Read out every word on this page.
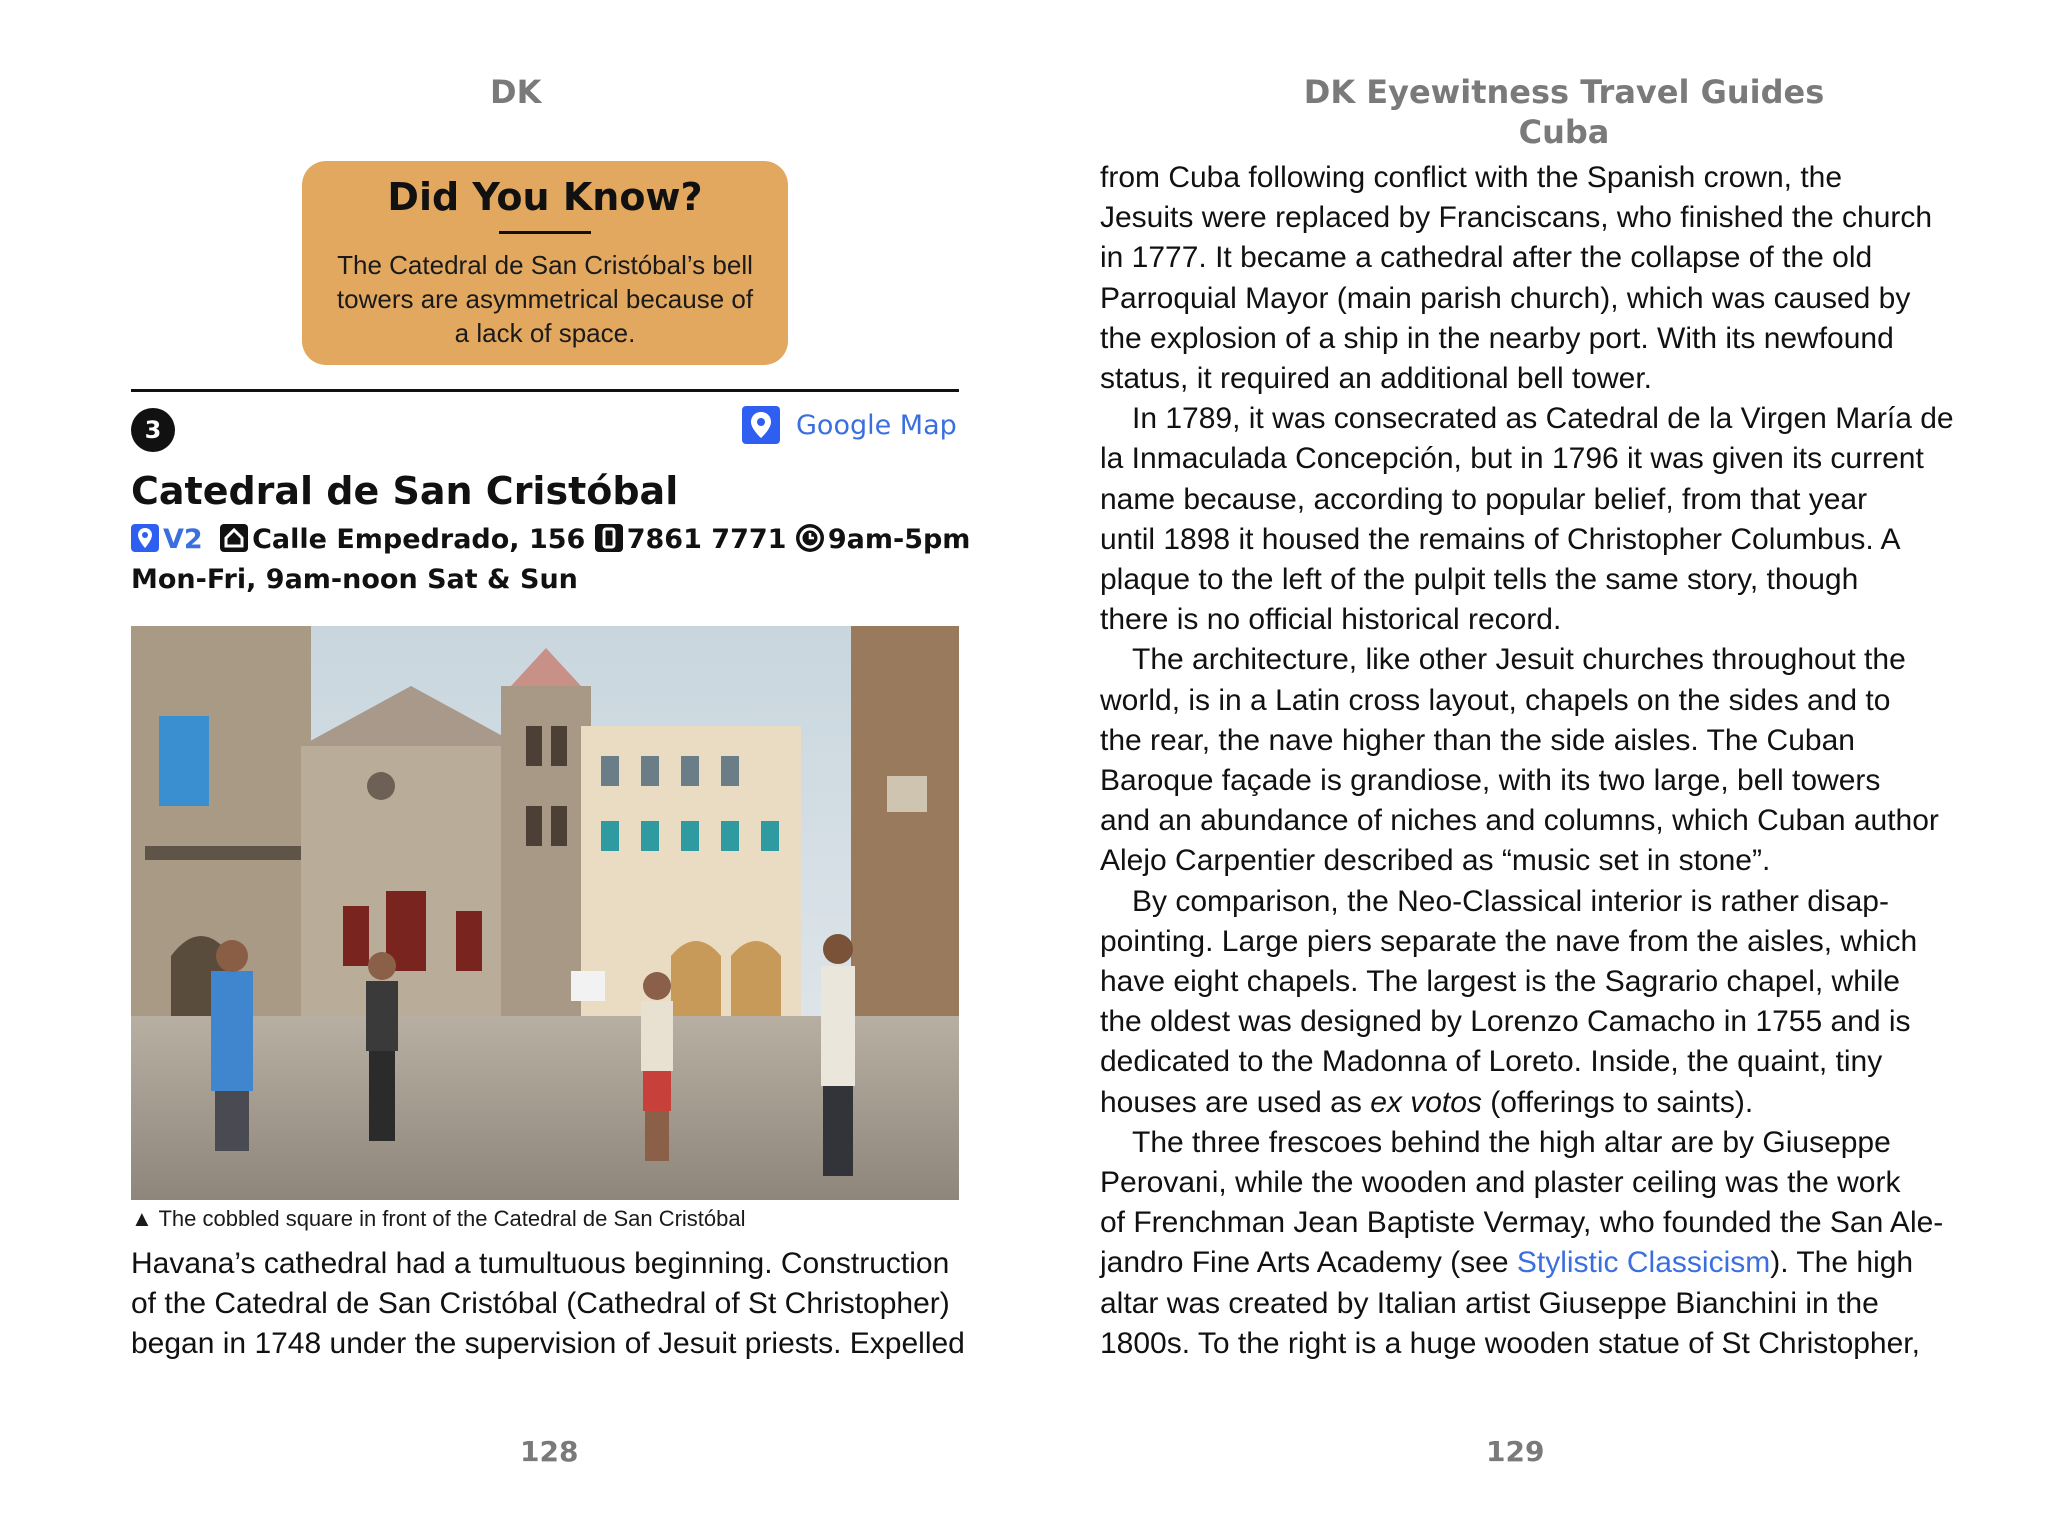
DK
Did You Know?
The Catedral de San Cristóbal’s bell
towers are asymmetrical because of
a lack of space.
3	Google Map
Catedral de San Cristóbal
V2 Calle Empedrado, 156 7861 7771 9am-5pm
Mon-Fri, 9am-noon Sat & Sun
▲ The cobbled square in front of the Catedral de San Cristóbal
Havana’s cathedral had a tumultuous beginning. Construction
of the Catedral de San Cristóbal (Cathedral of St Christopher)
began in 1748 under the supervision of Jesuit priests. Expelled
128
DK Eyewitness Travel Guides Cuba
from Cuba following conflict with the Spanish crown, the
Jesuits were replaced by Franciscans, who finished the church
in 1777. It became a cathedral after the collapse of the old
Parroquial Mayor (main parish church), which was caused by
the explosion of a ship in the nearby port. With its newfound
status, it required an additional bell tower.
In 1789, it was consecrated as Catedral de la Virgen María de
la Inmaculada Concepción, but in 1796 it was given its current
name because, according to popular belief, from that year
until 1898 it housed the remains of Christopher Columbus. A
plaque to the left of the pulpit tells the same story, though
there is no official historical record.
The architecture, like other Jesuit churches throughout the
world, is in a Latin cross layout, chapels on the sides and to
the rear, the nave higher than the side aisles. The Cuban
Baroque façade is grandiose, with its two large, bell towers
and an abundance of niches and columns, which Cuban author
Alejo Carpentier described as “music set in stone”.
By comparison, the Neo-Classical interior is rather disap-
pointing. Large piers separate the nave from the aisles, which
have eight chapels. The largest is the Sagrario chapel, while
the oldest was designed by Lorenzo Camacho in 1755 and is
dedicated to the Madonna of Loreto. Inside, the quaint, tiny
houses are used as ex votos (offerings to saints).
The three frescoes behind the high altar are by Giuseppe
Perovani, while the wooden and plaster ceiling was the work
of Frenchman Jean Baptiste Vermay, who founded the San Ale-
jandro Fine Arts Academy (see Stylistic Classicism). The high
altar was created by Italian artist Giuseppe Bianchini in the
1800s. To the right is a huge wooden statue of St Christopher,
129
